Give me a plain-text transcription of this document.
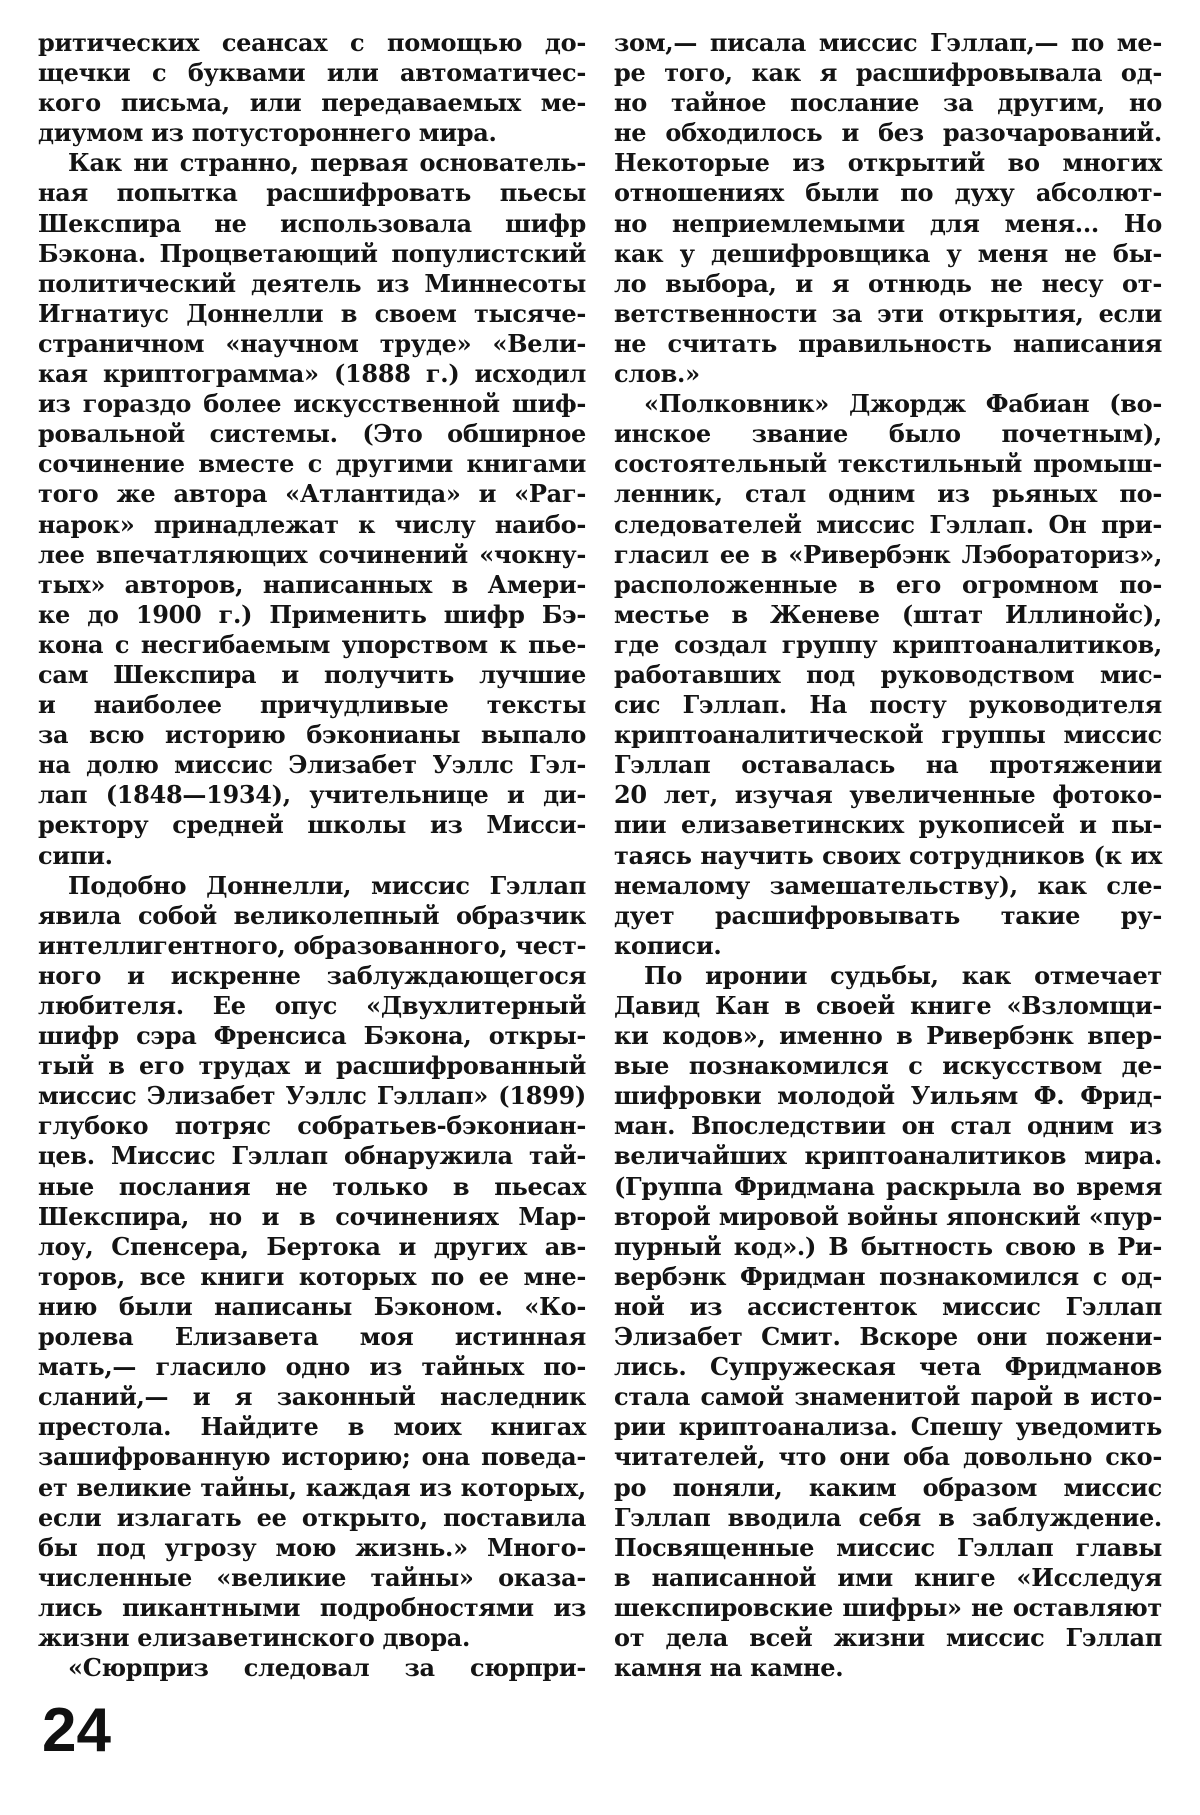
ритических сеансах с помощью до-
щечки с буквами или автоматичес-
кого письма, или передаваемых ме-
диумом из потустороннего мира.
Как ни странно, первая основатель-
ная попытка расшифровать пьесы
Шекспира не использовала шифр
Бэкона. Процветающий популистский
политический деятель из Миннесоты
Игнатиус Доннелли в своем тысяче-
страничном «научном труде» «Вели-
кая криптограмма» (1888 г.) исходил
из гораздо более искусственной шиф-
ровальной системы. (Это обширное
сочинение вместе с другими книгами
того же автора «Атлантида» и «Раг-
нарок» принадлежат к числу наибо-
лее впечатляющих сочинений «чокну-
тых» авторов, написанных в Амери-
ке до 1900 г.) Применить шифр Бэ-
кона с несгибаемым упорством к пье-
сам Шекспира и получить лучшие
и наиболее причудливые тексты
за всю историю бэконианы выпало
на долю миссис Элизабет Уэллс Гэл-
лап (1848—1934), учительнице и ди-
ректору средней школы из Мисси-
сипи.
Подобно Доннелли, миссис Гэллап
явила собой великолепный образчик
интеллигентного, образованного, чест-
ного и искренне заблуждающегося
любителя. Ее опус «Двухлитерный
шифр сэра Френсиса Бэкона, откры-
тый в его трудах и расшифрованный
миссис Элизабет Уэллс Гэллап» (1899)
глубоко потряс собратьев-бэкониан-
цев. Миссис Гэллап обнаружила тай-
ные послания не только в пьесах
Шекспира, но и в сочинениях Мар-
лоу, Спенсера, Бертока и других ав-
торов, все книги которых по ее мне-
нию были написаны Бэконом. «Ко-
ролева Елизавета моя истинная
мать,— гласило одно из тайных по-
сланий,— и я законный наследник
престола. Найдите в моих книгах
зашифрованную историю; она поведа-
ет великие тайны, каждая из которых,
если излагать ее открыто, поставила
бы под угрозу мою жизнь.» Много-
численные «великие тайны» оказа-
лись пикантными подробностями из
жизни елизаветинского двора.
«Сюрприз следовал за сюрпри-
зом,— писала миссис Гэллап,— по ме-
ре того, как я расшифровывала од-
но тайное послание за другим, но
не обходилось и без разочарований.
Некоторые из открытий во многих
отношениях были по духу абсолют-
но неприемлемыми для меня... Но
как у дешифровщика у меня не бы-
ло выбора, и я отнюдь не несу от-
ветственности за эти открытия, если
не считать правильность написания
слов.»
«Полковник» Джордж Фабиан (во-
инское звание было почетным),
состоятельный текстильный промыш-
ленник, стал одним из рьяных по-
следователей миссис Гэллап. Он при-
гласил ее в «Ривербэнк Лэбораториз»,
расположенные в его огромном по-
местье в Женеве (штат Иллинойс),
где создал группу криптоаналитиков,
работавших под руководством мис-
сис Гэллап. На посту руководителя
криптоаналитической группы миссис
Гэллап оставалась на протяжении
20 лет, изучая увеличенные фотоко-
пии елизаветинских рукописей и пы-
таясь научить своих сотрудников (к их
немалому замешательству), как сле-
дует расшифровывать такие ру-
кописи.
По иронии судьбы, как отмечает
Давид Кан в своей книге «Взломщи-
ки кодов», именно в Ривербэнк впер-
вые познакомился с искусством де-
шифровки молодой Уильям Ф. Фрид-
ман. Впоследствии он стал одним из
величайших криптоаналитиков мира.
(Группа Фридмана раскрыла во время
второй мировой войны японский «пур-
пурный код».) В бытность свою в Ри-
вербэнк Фридман познакомился с од-
ной из ассистенток миссис Гэллап
Элизабет Смит. Вскоре они пожени-
лись. Супружеская чета Фридманов
стала самой знаменитой парой в исто-
рии криптоанализа. Спешу уведомить
читателей, что они оба довольно ско-
ро поняли, каким образом миссис
Гэллап вводила себя в заблуждение.
Посвященные миссис Гэллап главы
в написанной ими книге «Исследуя
шекспировские шифры» не оставляют
от дела всей жизни миссис Гэллап
камня на камне.
24
